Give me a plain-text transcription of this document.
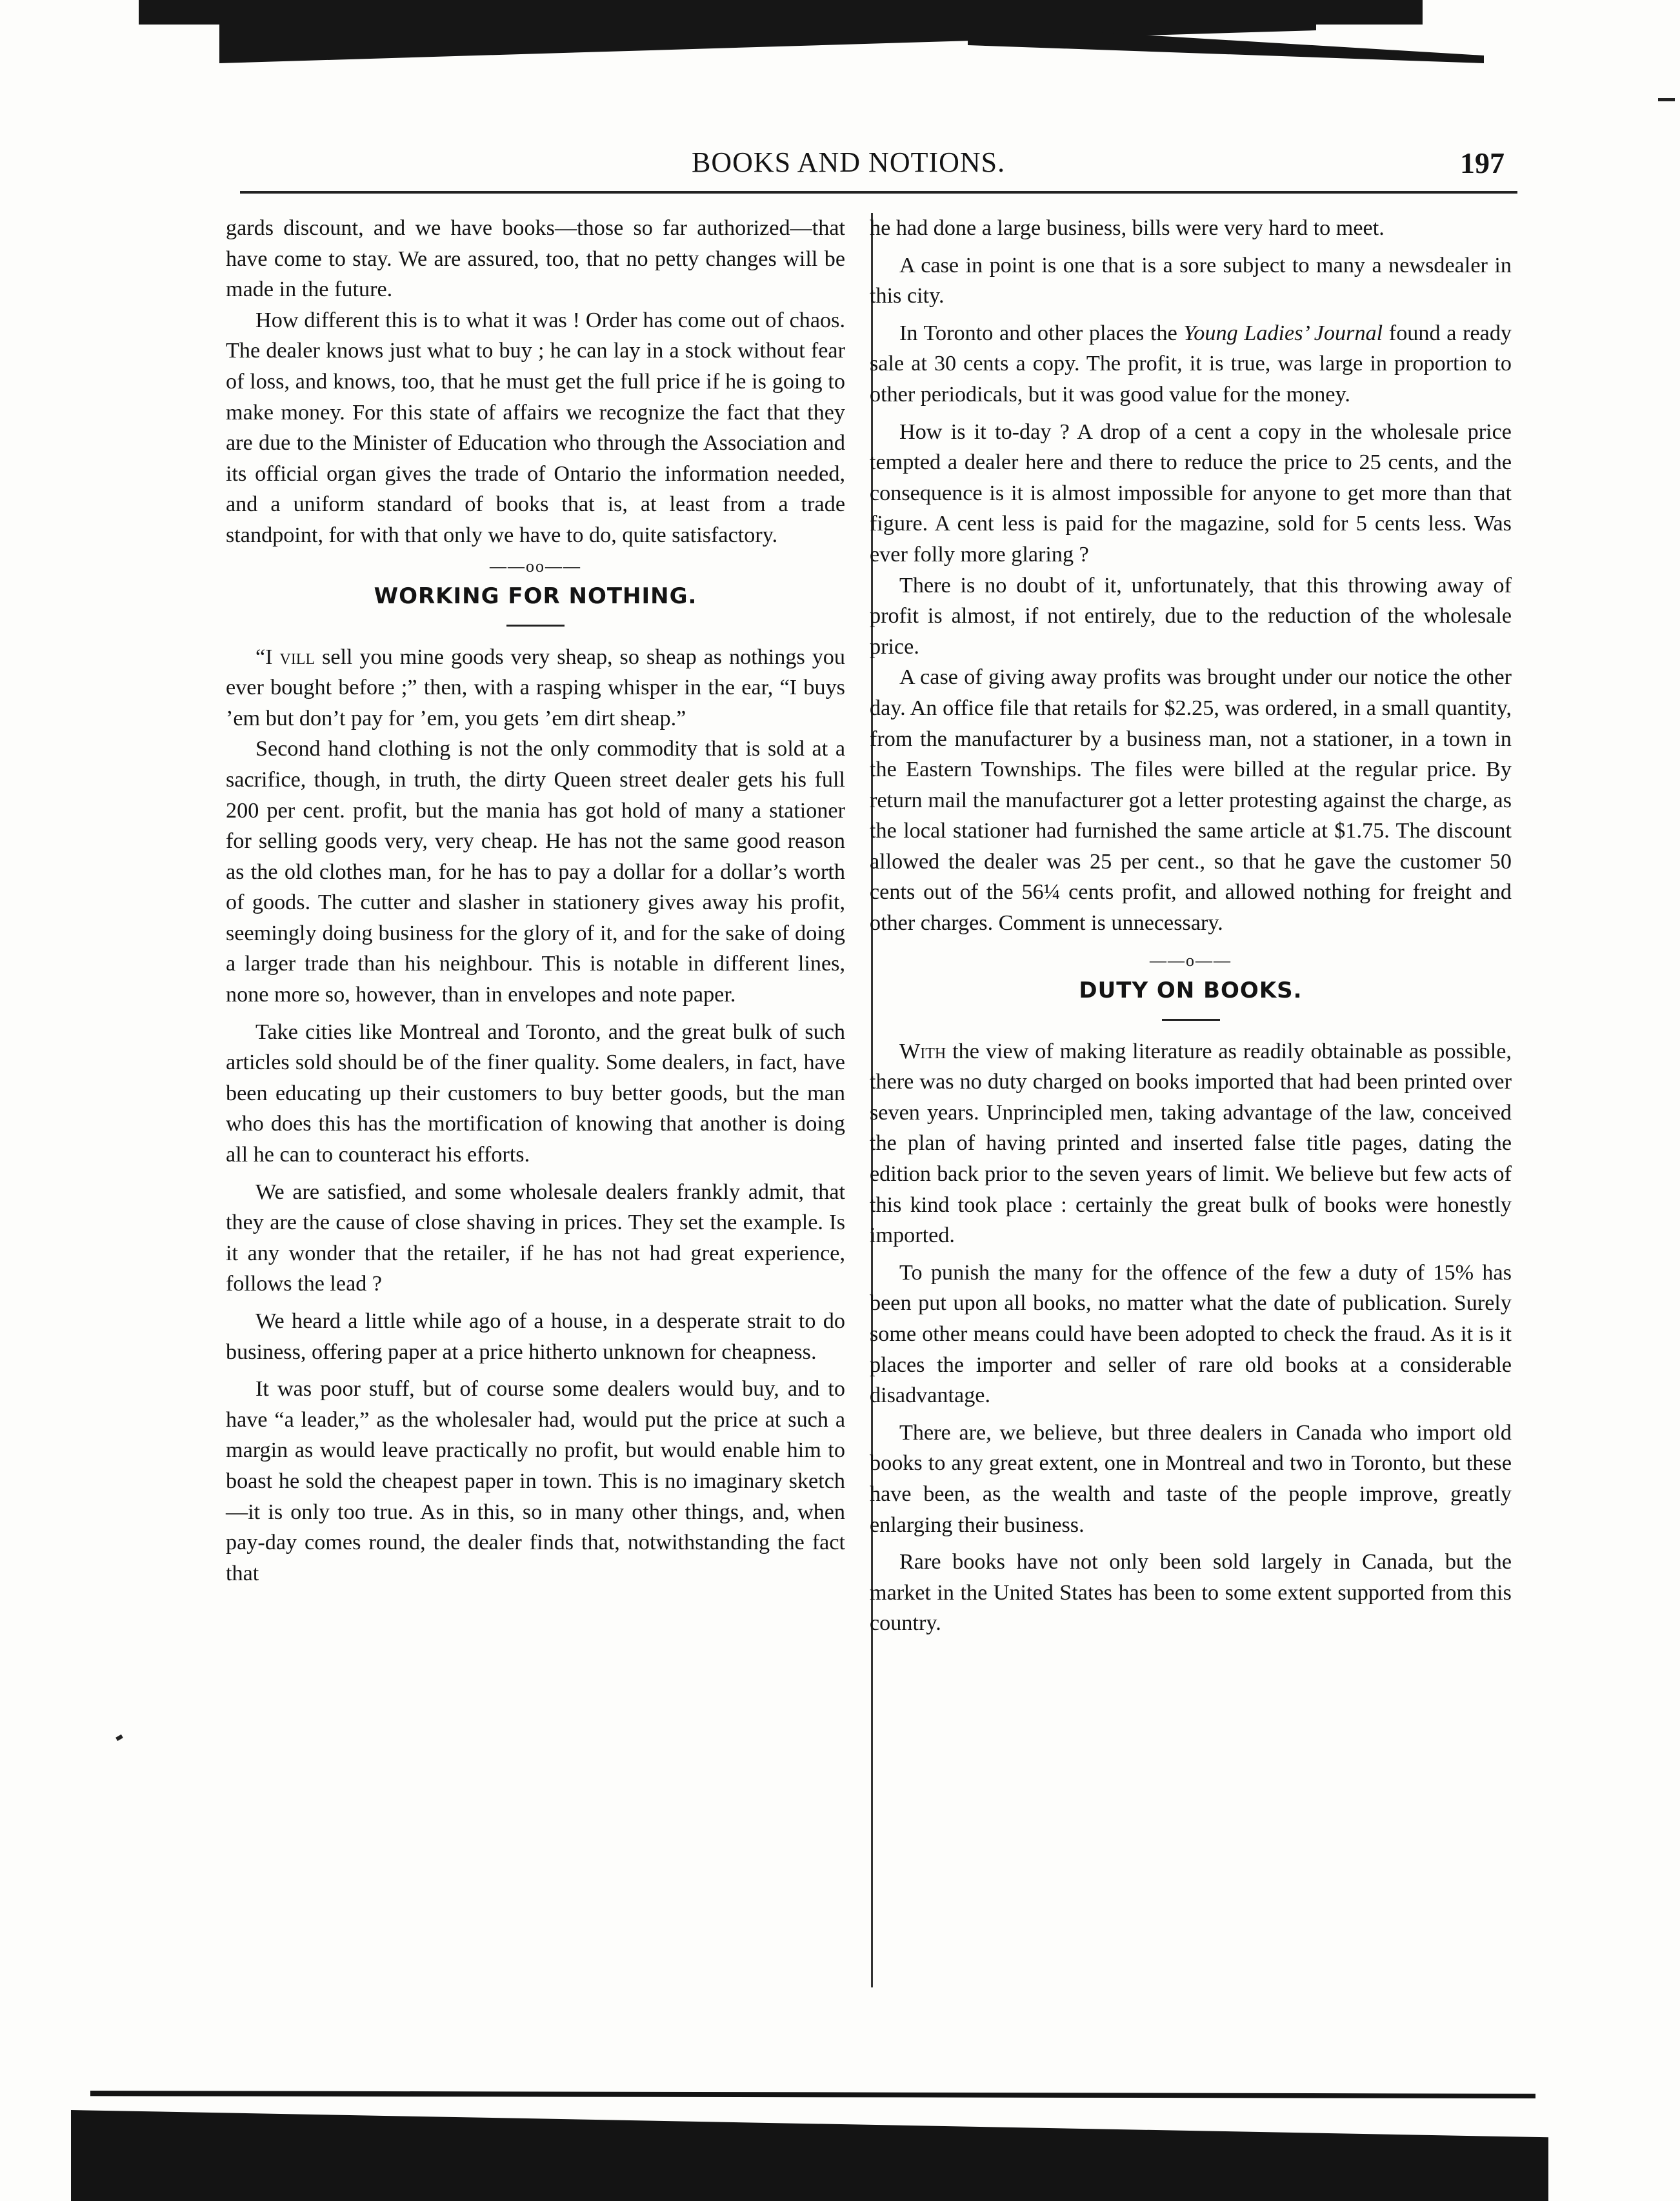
BOOKS AND NOTIONS.	197

gards discount, and we have books—those so far authorized—that have come to stay. We are assured, too, that no petty changes will be made in the future.

How different this is to what it was ! Order has come out of chaos. The dealer knows just what to buy ; he can lay in a stock without fear of loss, and knows, too, that he must get the full price if he is going to make money. For this state of affairs we recognize the fact that they are due to the Minister of Education who through the Association and its official organ gives the trade of Ontario the information needed, and a uniform standard of books that is, at least from a trade standpoint, for with that only we have to do, quite satisfactory.

——oo——
WORKING FOR NOTHING.

“I vill sell you mine goods very sheap, so sheap as nothings you ever bought before ;” then, with a rasping whisper in the ear, “I buys ’em but don’t pay for ’em, you gets ’em dirt sheap.”

Second hand clothing is not the only commodity that is sold at a sacrifice, though, in truth, the dirty Queen street dealer gets his full 200 per cent. profit, but the mania has got hold of many a stationer for selling goods very, very cheap. He has not the same good reason as the old clothes man, for he has to pay a dollar for a dollar’s worth of goods. The cutter and slasher in stationery gives away his profit, seemingly doing business for the glory of it, and for the sake of doing a larger trade than his neighbour. This is notable in different lines, none more so, however, than in envelopes and note paper.

Take cities like Montreal and Toronto, and the great bulk of such articles sold should be of the finer quality. Some dealers, in fact, have been educating up their customers to buy better goods, but the man who does this has the mortification of knowing that another is doing all he can to counteract his efforts.

We are satisfied, and some wholesale dealers frankly admit, that they are the cause of close shaving in prices. They set the example. Is it any wonder that the retailer, if he has not had great experience, follows the lead ?

We heard a little while ago of a house, in a desperate strait to do business, offering paper at a price hitherto unknown for cheapness.

It was poor stuff, but of course some dealers would buy, and to have “a leader,” as the wholesaler had, would put the price at such a margin as would leave practically no profit, but would enable him to boast he sold the cheapest paper in town. This is no imaginary sketch—it is only too true. As in this, so in many other things, and, when pay-day comes round, the dealer finds that, notwithstanding the fact that

he had done a large business, bills were very hard to meet.

A case in point is one that is a sore subject to many a newsdealer in this city.

In Toronto and other places the Young Ladies’ Journal found a ready sale at 30 cents a copy. The profit, it is true, was large in proportion to other periodicals, but it was good value for the money.

How is it to-day ? A drop of a cent a copy in the wholesale price tempted a dealer here and there to reduce the price to 25 cents, and the consequence is it is almost impossible for anyone to get more than that figure. A cent less is paid for the magazine, sold for 5 cents less. Was ever folly more glaring ?

There is no doubt of it, unfortunately, that this throwing away of profit is almost, if not entirely, due to the reduction of the wholesale price.

A case of giving away profits was brought under our notice the other day. An office file that retails for $2.25, was ordered, in a small quantity, from the manufacturer by a business man, not a stationer, in a town in the Eastern Townships. The files were billed at the regular price. By return mail the manufacturer got a letter protesting against the charge, as the local stationer had furnished the same article at $1.75. The discount allowed the dealer was 25 per cent., so that he gave the customer 50 cents out of the 56¼ cents profit, and allowed nothing for freight and other charges. Comment is unnecessary.

——o——
DUTY ON BOOKS.

With the view of making literature as readily obtainable as possible, there was no duty charged on books imported that had been printed over seven years. Unprincipled men, taking advantage of the law, conceived the plan of having printed and inserted false title pages, dating the edition back prior to the seven years of limit. We believe but few acts of this kind took place : certainly the great bulk of books were honestly imported.

To punish the many for the offence of the few a duty of 15% has been put upon all books, no matter what the date of publication. Surely some other means could have been adopted to check the fraud. As it is it places the importer and seller of rare old books at a considerable disadvantage.

There are, we believe, but three dealers in Canada who import old books to any great extent, one in Montreal and two in Toronto, but these have been, as the wealth and taste of the people improve, greatly enlarging their business.

Rare books have not only been sold largely in Canada, but the market in the United States has been to some extent supported from this country.
